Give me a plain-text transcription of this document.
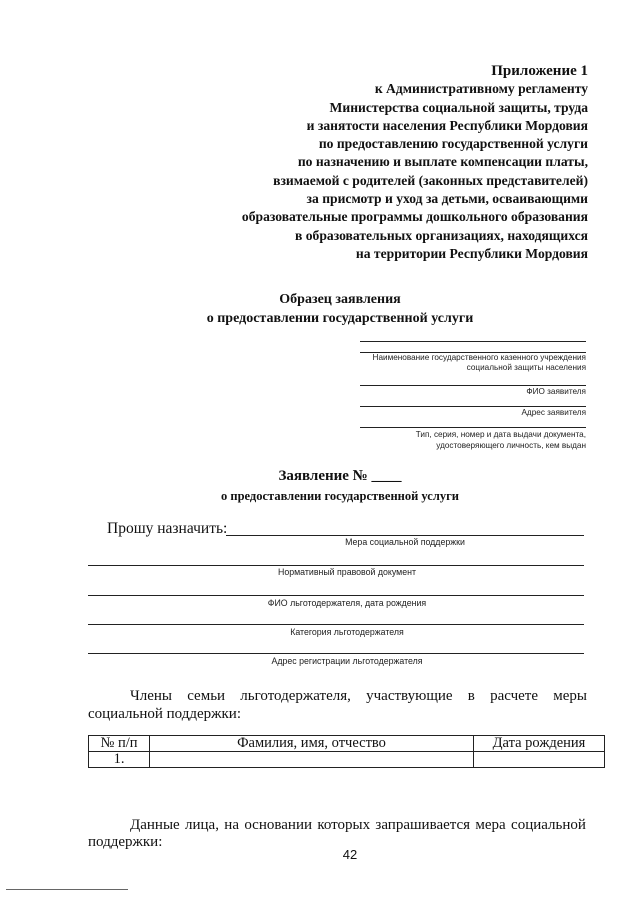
Приложение 1
к Административному регламенту
Министерства социальной защиты, труда
и занятости населения Республики Мордовия
по предоставлению государственной услуги
по назначению и выплате компенсации платы,
взимаемой с родителей (законных представителей)
за присмотр и уход за детьми, осваивающими
образовательные программы дошкольного образования
в образовательных организациях, находящихся
на территории Республики Мордовия
Образец заявления
о предоставлении государственной услуги
Наименование государственного казенного учреждения
социальной защиты населения
ФИО заявителя
Адрес заявителя
Тип, серия, номер и дата выдачи документа,
удостоверяющего личность, кем выдан
Заявление № ____
о предоставлении государственной услуги
Прошу назначить:
Мера социальной поддержки
Нормативный правовой документ
ФИО льготодержателя, дата рождения
Категория льготодержателя
Адрес регистрации льготодержателя
Члены семьи льготодержателя, участвующие в расчете меры
социальной поддержки:
№ п/п	Фамилия, имя, отчество	Дата рождения
1.		
Данные лица, на основании которых запрашивается мера социальной
поддержки:
42
